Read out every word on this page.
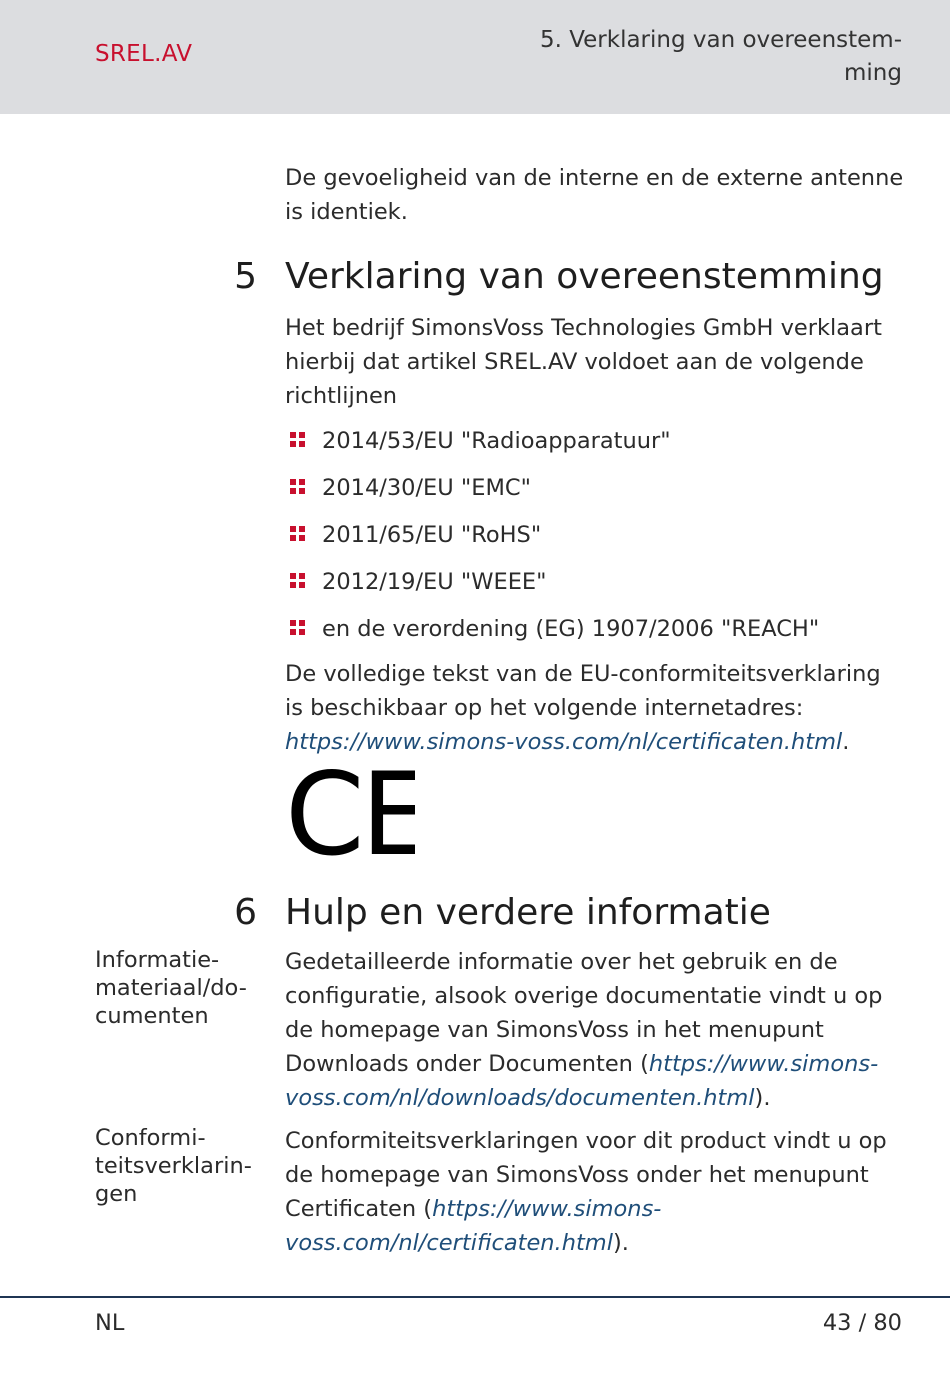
SREL.AV
5. Verklaring van overeenstem-
ming

De gevoeligheid van de interne en de externe antenne is identiek.

5 Verklaring van overeenstemming

Het bedrijf SimonsVoss Technologies GmbH verklaart hierbij dat artikel SREL.AV voldoet aan de volgende richtlijnen

2014/53/EU "Radioapparatuur"
2014/30/EU "EMC"
2011/65/EU "RoHS"
2012/19/EU "WEEE"
en de verordening (EG) 1907/2006 "REACH"

De volledige tekst van de EU-conformiteitsverklaring is beschikbaar op het volgende internetadres: https://www.simons-voss.com/nl/certificaten.html.

CE
6 Hulp en verdere informatie
Informatie-materiaal/do-cumenten

Gedetailleerde informatie over het gebruik en de configuratie, alsook overige documentatie vindt u op de homepage van SimonsVoss in het menupunt Downloads onder Documenten (https://www.simons-voss.com/nl/downloads/documenten.html).

Conformi-teitsverklarin-gen

Conformiteitsverklaringen voor dit product vindt u op de homepage van SimonsVoss onder het menupunt Certificaten (https://www.simons-voss.com/nl/certificaten.html).

NL	43 / 80
